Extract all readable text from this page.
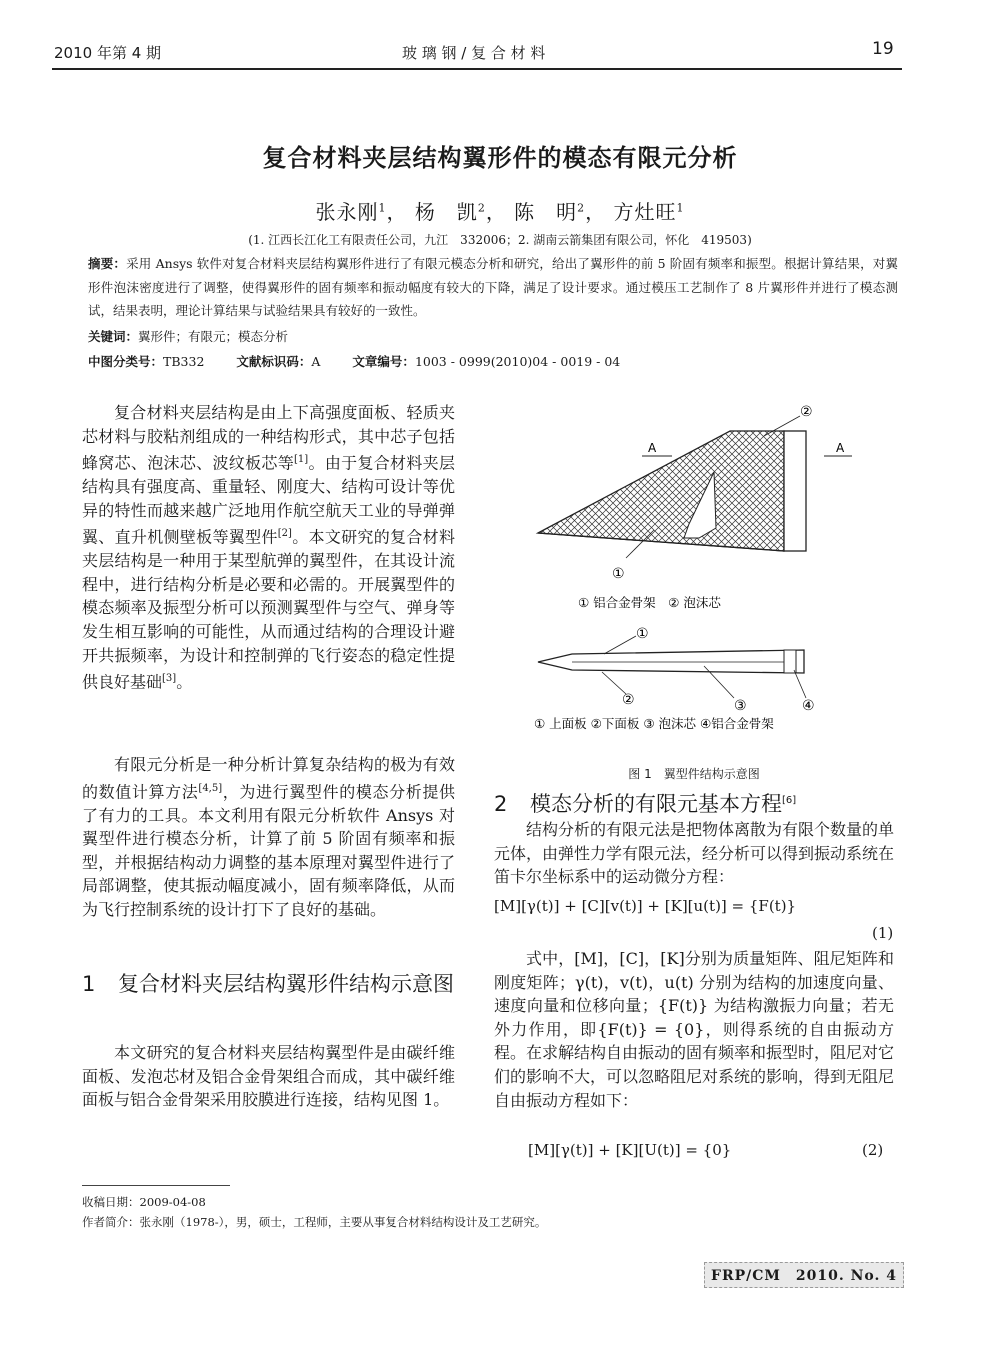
2010 年第 4 期	玻 璃 钢 / 复 合 材 料	19
复合材料夹层结构翼形件的模态有限元分析
张永刚$^1$， 杨　凯$^2$， 陈　明$^2$， 方灶旺$^1$
(1. 江西长江化工有限责任公司，九江　332006；2. 湖南云箭集团有限公司，怀化　419503)
摘要：采用 Ansys 软件对复合材料夹层结构翼形件进行了有限元模态分析和研究，给出了翼形件的前 5 阶固有频率和振型。根据计算结果，对翼形件泡沫密度进行了调整，使得翼形件的固有频率和振动幅度有较大的下降，满足了设计要求。通过模压工艺制作了 8 片翼形件并进行了模态测试，结果表明，理论计算结果与试验结果具有较好的一致性。
关键词：翼形件；有限元；模态分析
中图分类号：TB332	文献标识码：A	文章编号：1003 - 0999(2010)04 - 0019 - 04
复合材料夹层结构是由上下高强度面板、轻质夹芯材料与胶粘剂组成的一种结构形式，其中芯子包括蜂窝芯、泡沫芯、波纹板芯等[1]。由于复合材料夹层结构具有强度高、重量轻、刚度大、结构可设计等优异的特性而越来越广泛地用作航空航天工业的导弹弹翼、直升机侧壁板等翼型件[2]。本文研究的复合材料夹层结构是一种用于某型航弹的翼型件，在其设计流程中，进行结构分析是必要和必需的。开展翼型件的模态频率及振型分析可以预测翼型件与空气、弹身等发生相互影响的可能性，从而通过结构的合理设计避开共振频率，为设计和控制弹的飞行姿态的稳定性提供良好基础[3]。
有限元分析是一种分析计算复杂结构的极为有效的数值计算方法[4,5]，为进行翼型件的模态分析提供了有力的工具。本文利用有限元分析软件 Ansys 对翼型件进行模态分析，计算了前 5 阶固有频率和振型，并根据结构动力调整的基本原理对翼型件进行了局部调整，使其振动幅度减小，固有频率降低，从而为飞行控制系统的设计打下了良好的基础。
1	复合材料夹层结构翼形件结构示意图
本文研究的复合材料夹层结构翼型件是由碳纤维面板、发泡芯材及铝合金骨架组合而成，其中碳纤维面板与铝合金骨架采用胶膜进行连接，结构见图 1。
A	A
②
①
① 铝合金骨架　② 泡沫芯
①
②	③	④
① 上面板 ②下面板 ③ 泡沫芯 ④铝合金骨架
图 1　翼型件结构示意图
2 模态分析的有限元基本方程[6]
结构分析的有限元法是把物体离散为有限个数量的单元体，由弹性力学有限元法，经分析可以得到振动系统在笛卡尔坐标系中的运动微分方程：
[M][γ(t)] + [C][v(t)] + [K][u(t)] = {F(t)}
(1)
式中，[M]，[C]，[K]分别为质量矩阵、阻尼矩阵和刚度矩阵；γ(t)，v(t)，u(t) 分别为结构的加速度向量、速度向量和位移向量；{F(t)} 为结构激振力向量；若无外力作用，即{F(t)} = {0}，则得系统的自由振动方程。在求解结构自由振动的固有频率和振型时，阻尼对它们的影响不大，可以忽略阻尼对系统的影响，得到无阻尼自由振动方程如下：
[M][γ(t)] + [K][U(t)] = {0}	(2)
收稿日期：2009-04-08
作者简介：张永刚（1978-），男，硕士，工程师，主要从事复合材料结构设计及工艺研究。
FRP/CM　2010. No. 4
